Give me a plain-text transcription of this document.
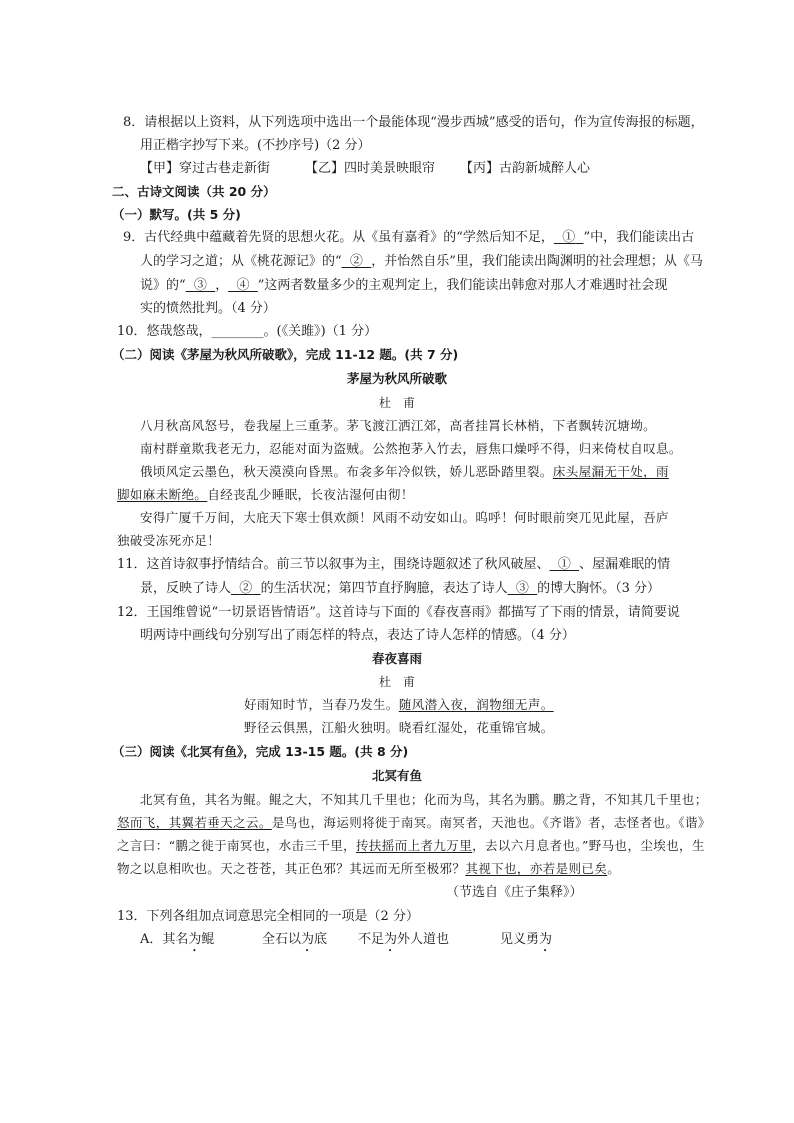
8．请根据以上资料，从下列选项中选出一个最能体现“漫步西城”感受的语句，作为宣传海报的标题，
用正楷字抄写下来。(不抄序号)（2 分）
【甲】穿过古巷走新街	【乙】四时美景映眼帘 【丙】古韵新城醉人心
二、古诗文阅读（共 20 分）
（一）默写。(共 5 分)
9．古代经典中蕴藏着先贤的思想火花。从《虽有嘉肴》的“学然后知不足， ① ”中，我们能读出古
人的学习之道；从《桃花源记》的“ ② ，并怡然自乐”里，我们能读出陶渊明的社会理想；从《马
说》的“ ③ ， ④ ”这两者数量多少的主观判定上，我们能读出韩愈对那人才难遇时社会现
实的愤然批判。（4 分）
10．悠哉悠哉，________。(《关雎》)（1 分）
（二）阅读《茅屋为秋风所破歌》，完成 11-12 题。(共 7 分)
茅屋为秋风所破歌
杜　甫
八月秋高风怒号，卷我屋上三重茅。茅飞渡江洒江郊，高者挂罥长林梢，下者飘转沉塘坳。
南村群童欺我老无力，忍能对面为盗贼。公然抱茅入竹去，唇焦口燥呼不得，归来倚杖自叹息。
俄顷风定云墨色，秋天漠漠向昏黑。布衾多年冷似铁，娇儿恶卧踏里裂。床头屋漏无干处，雨
脚如麻未断绝。自经丧乱少睡眠，长夜沾湿何由彻！
安得广厦千万间，大庇天下寒士俱欢颜！风雨不动安如山。呜呼！何时眼前突兀见此屋，吾庐
独破受冻死亦足！
11．这首诗叙事抒情结合。前三节以叙事为主，围绕诗题叙述了秋风破屋、 ① 、屋漏难眠的情
景，反映了诗人 ② 的生活状况；第四节直抒胸臆，表达了诗人 ③ 的博大胸怀。（3 分）
12．王国维曾说“一切景语皆情语”。这首诗与下面的《春夜喜雨》都描写了下雨的情景，请简要说
明两诗中画线句分别写出了雨怎样的特点，表达了诗人怎样的情感。（4 分）
春夜喜雨
杜　甫
好雨知时节，当春乃发生。随风潜入夜，润物细无声。
野径云俱黑，江船火独明。晓看红湿处，花重锦官城。
（三）阅读《北冥有鱼》，完成 13-15 题。(共 8 分)
北冥有鱼
北冥有鱼，其名为鲲。鲲之大，不知其几千里也；化而为鸟，其名为鹏。鹏之背，不知其几千里也；
怒而飞，其翼若垂天之云。是鸟也，海运则将徙于南冥。南冥者，天池也。《齐谐》者，志怪者也。《谐》
之言曰：“鹏之徙于南冥也，水击三千里，抟扶摇而上者九万里，去以六月息者也。”野马也，尘埃也，生
物之以息相吹也。天之苍苍，其正色邪？其远而无所至极邪？其视下也，亦若是则已矣。
（节选自《庄子集释》）
13．下列各组加点词意思完全相同的一项是（2 分）
A．其名为鲲	全石以为底 不足为外人道也	见义勇为
